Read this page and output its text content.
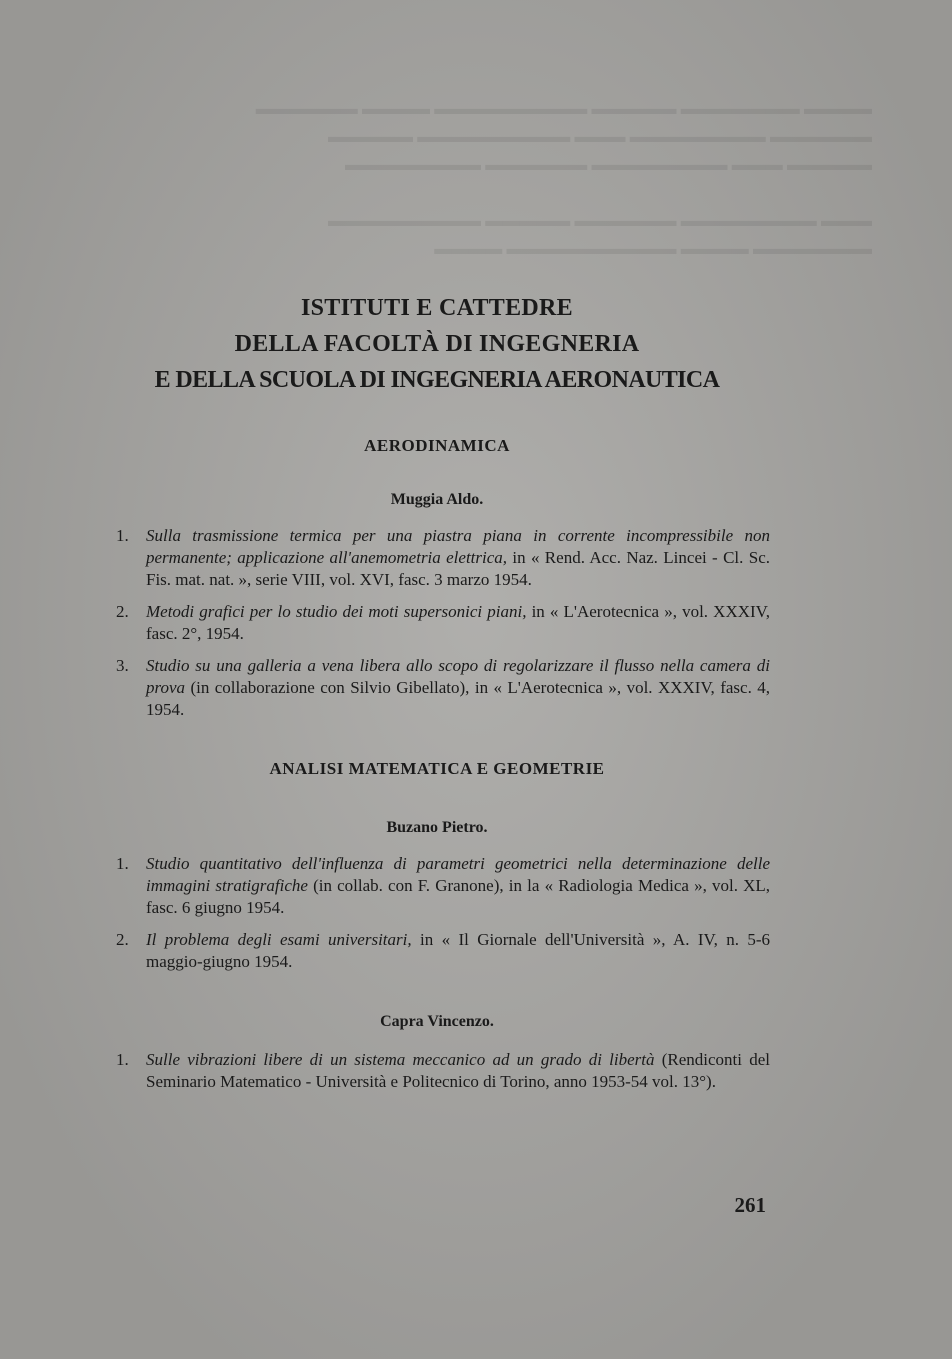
▬▬▬▬ ▬▬▬▬▬▬▬ ▬▬▬▬▬ ▬▬▬▬▬▬▬▬▬ ▬▬▬▬ ▬▬▬▬▬▬
▬▬▬▬▬▬ ▬▬▬▬▬▬▬▬ ▬▬▬ ▬▬▬▬▬▬▬▬▬ ▬▬▬▬▬
▬▬▬▬▬ ▬▬▬ ▬▬▬▬▬▬▬▬ ▬▬▬▬▬▬ ▬▬▬▬▬▬▬▬

▬▬▬ ▬▬▬▬▬▬▬▬ ▬▬▬▬▬▬ ▬▬▬▬▬ ▬▬▬▬▬▬▬▬▬
▬▬▬▬▬▬▬ ▬▬▬▬ ▬▬▬▬▬▬▬▬▬▬ ▬▬▬▬
ISTITUTI E CATTEDRE
DELLA FACOLTÀ DI INGEGNERIA
E DELLA SCUOLA DI INGEGNERIA AERONAUTICA
AERODINAMICA
Muggia Aldo.

1. Sulla trasmissione termica per una piastra piana in corrente incompressibile non permanente; applicazione all'anemometria elettrica, in « Rend. Acc. Naz. Lincei - Cl. Sc. Fis. mat. nat. », serie VIII, vol. XVI, fasc. 3 marzo 1954.

2. Metodi grafici per lo studio dei moti supersonici piani, in « L'Aerotecnica », vol. XXXIV, fasc. 2°, 1954.

3. Studio su una galleria a vena libera allo scopo di regolarizzare il flusso nella camera di prova (in collaborazione con Silvio Gibellato), in « L'Aerotecnica », vol. XXXIV, fasc. 4, 1954.

ANALISI MATEMATICA E GEOMETRIE
Buzano Pietro.

1. Studio quantitativo dell'influenza di parametri geometrici nella determinazione delle immagini stratigrafiche (in collab. con F. Granone), in la « Radiologia Medica », vol. XL, fasc. 6 giugno 1954.

2. Il problema degli esami universitari, in « Il Giornale dell'Università », A. IV, n. 5-6 maggio-giugno 1954.

Capra Vincenzo.

1. Sulle vibrazioni libere di un sistema meccanico ad un grado di libertà (Rendiconti del Seminario Matematico - Università e Politecnico di Torino, anno 1953-54 vol. 13°).

261
